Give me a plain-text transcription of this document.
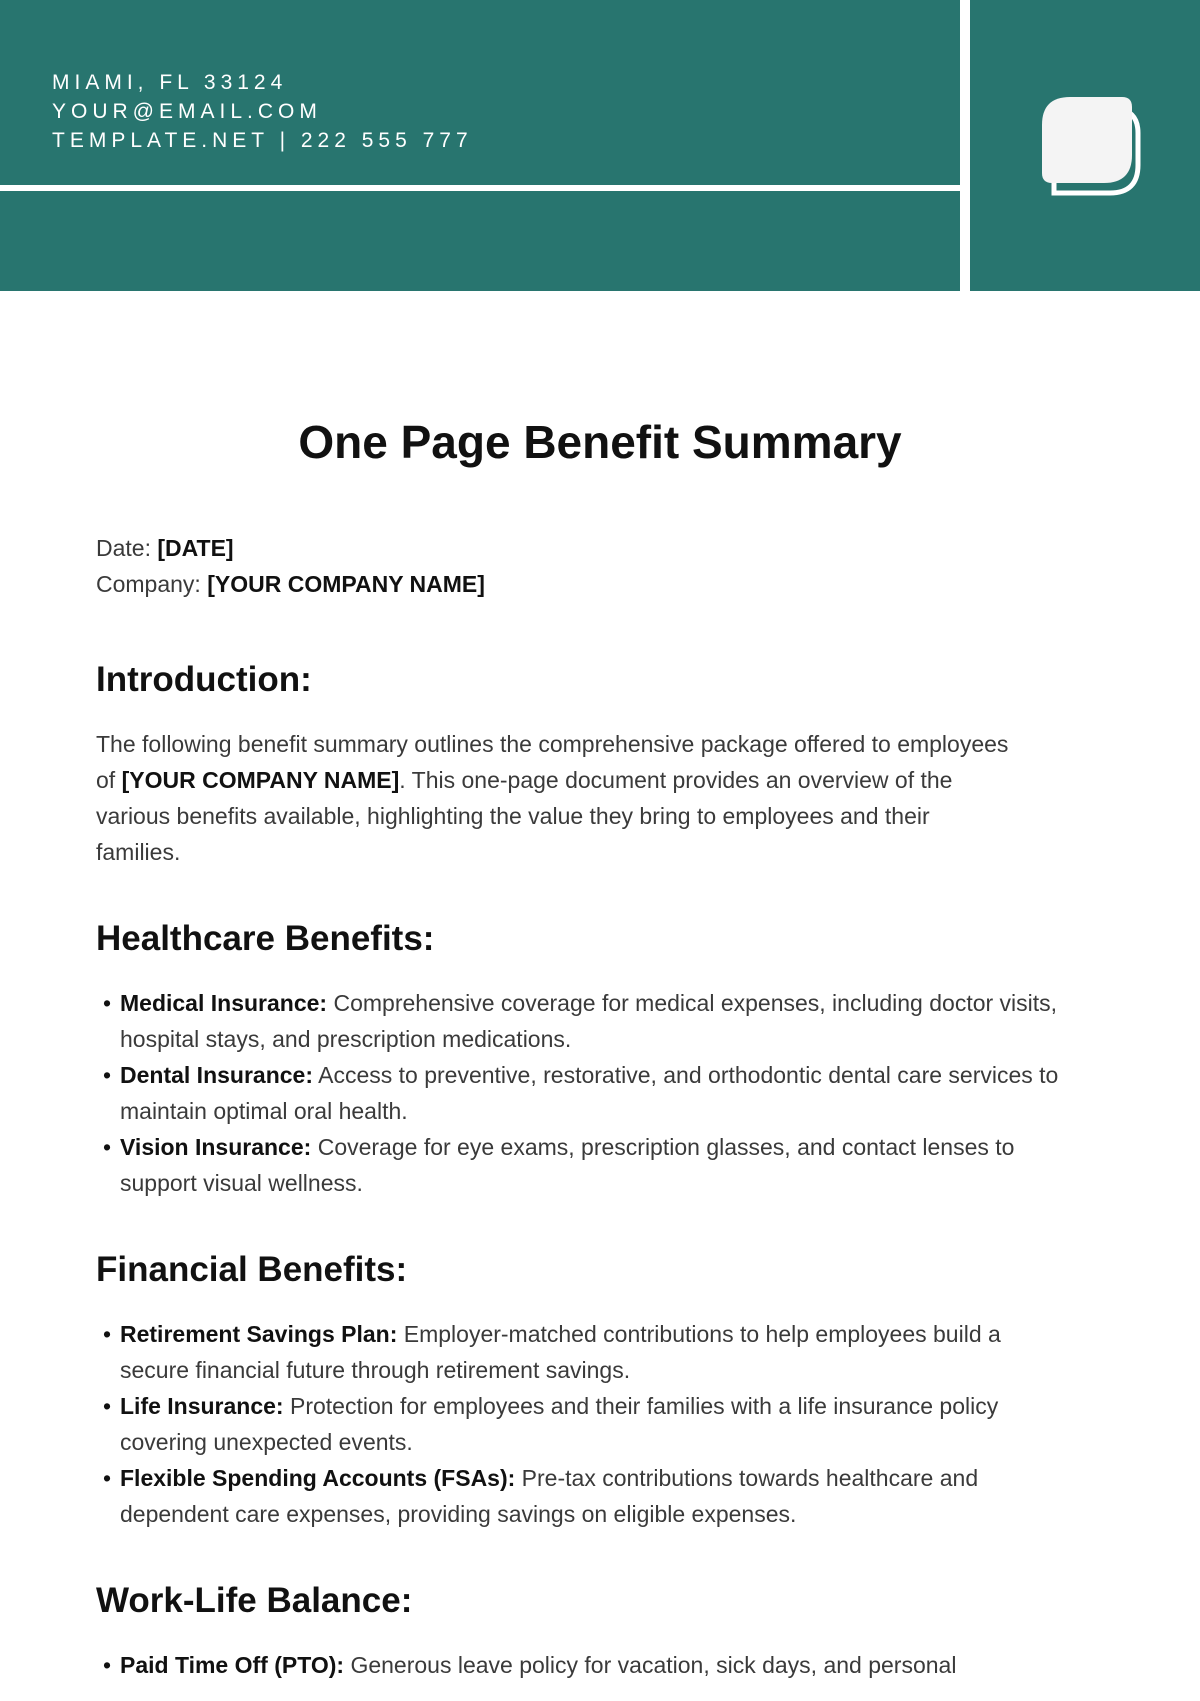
MIAMI, FL 33124
YOUR@EMAIL.COM
TEMPLATE.NET | 222 555 777
One Page Benefit Summary
Date: [DATE]
Company: [YOUR COMPANY NAME]
Introduction:

The following benefit summary outlines the comprehensive package offered to employees of [YOUR COMPANY NAME]. This one-page document provides an overview of the various benefits available, highlighting the value they bring to employees and their families.

Healthcare Benefits:
• Medical Insurance: Comprehensive coverage for medical expenses, including doctor visits, hospital stays, and prescription medications.
• Dental Insurance: Access to preventive, restorative, and orthodontic dental care services to maintain optimal oral health.
• Vision Insurance: Coverage for eye exams, prescription glasses, and contact lenses to support visual wellness.
Financial Benefits:
• Retirement Savings Plan: Employer-matched contributions to help employees build a secure financial future through retirement savings.
• Life Insurance: Protection for employees and their families with a life insurance policy covering unexpected events.
• Flexible Spending Accounts (FSAs): Pre-tax contributions towards healthcare and dependent care expenses, providing savings on eligible expenses.
Work-Life Balance:
• Paid Time Off (PTO): Generous leave policy for vacation, sick days, and personal
